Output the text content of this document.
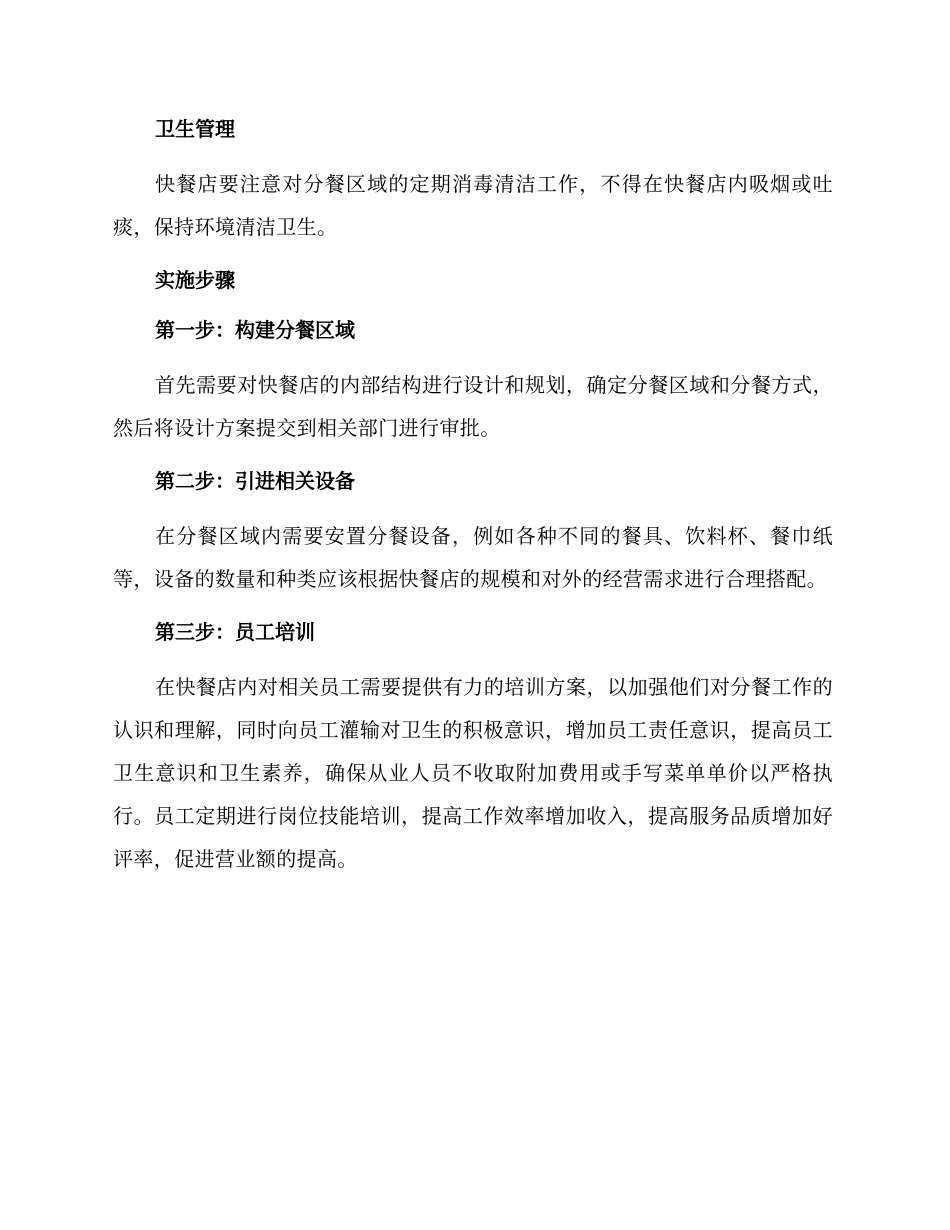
卫生管理

快餐店要注意对分餐区域的定期消毒清洁工作，不得在快餐店内吸烟或吐痰，保持环境清洁卫生。

实施步骤
第一步：构建分餐区域

首先需要对快餐店的内部结构进行设计和规划，确定分餐区域和分餐方式，然后将设计方案提交到相关部门进行审批。

第二步：引进相关设备

在分餐区域内需要安置分餐设备，例如各种不同的餐具、饮料杯、餐巾纸等，设备的数量和种类应该根据快餐店的规模和对外的经营需求进行合理搭配。

第三步：员工培训

在快餐店内对相关员工需要提供有力的培训方案，以加强他们对分餐工作的认识和理解，同时向员工灌输对卫生的积极意识，增加员工责任意识，提高员工卫生意识和卫生素养，确保从业人员不收取附加费用或手写菜单单价以严格执行。员工定期进行岗位技能培训，提高工作效率增加收入，提高服务品质增加好评率，促进营业额的提高。
